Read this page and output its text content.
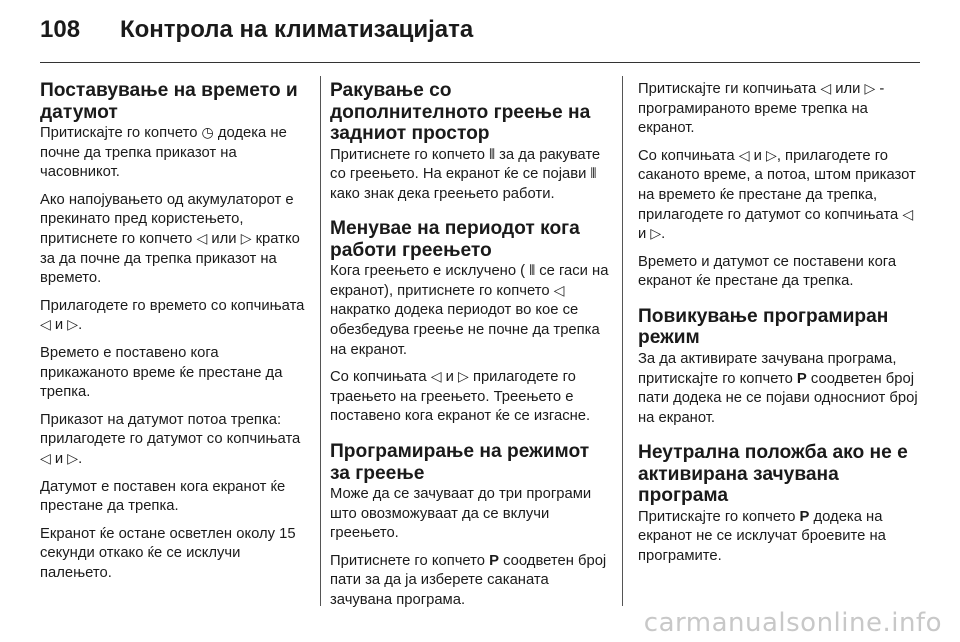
108 Контрола на климатизацијата
Поставување на времето и датумот

Притискајте го копчето ◷ додека не почне да трепка приказот на часовникот.

Ако напојувањето од акумулаторот е прекинато пред користењето, притиснете го копчето ◁ или ▷ кратко за да почне да трепка приказот на времето.

Прилагодете го времето со копчињата ◁ и ▷.

Времето е поставено кога прикажаното време ќе престане да трепка.

Приказот на датумот потоа трепка: прилагодете го датумот со копчињата ◁ и ▷.

Датумот е поставен кога екранот ќе престане да трепка.

Екранот ќе остане осветлен околу 15 секунди откако ќе се исклучи палењето.

Ракување со дополнителното греење на задниот простор

Притиснете го копчето ⫴ за да ракувате со греењето. На екранот ќе се појави ⫴ како знак дека греењето работи.

Менувае на периодот кога работи греењето

Кога греењето е исклучено ( ⫴ се гаси на екранот), притиснете го копчето ◁ накратко додека периодот во кое се обезбедува греење не почне да трепка на екранот.

Со копчињата ◁ и ▷ прилагодете го траењето на греењето. Треењето е поставено кога екранот ќе се изгасне.

Програмирање на режимот за греење

Може да се зачуваат до три програми што овозможуваат да се вклучи греењето.

Притиснете го копчето P соодветен број пати за да ја изберете саканата зачувана програма.

Притискајте ги копчињата ◁ или ▷ - програмираното време трепка на екранот.

Со копчињата ◁ и ▷, прилагодете го саканото време, а потоа, штом приказот на времето ќе престане да трепка, прилагодете го датумот со копчињата ◁ и ▷.

Времето и датумот се поставени кога екранот ќе престане да трепка.

Повикување програмиран режим

За да активирате зачувана програма, притискајте го копчето P соодветен број пати додека не се појави односниот број на екранот.

Неутрална положба ако не е активирана зачувана програма

Притискајте го копчето P додека на екранот не се исклучат броевите на програмите.

carmanualsonline.info
